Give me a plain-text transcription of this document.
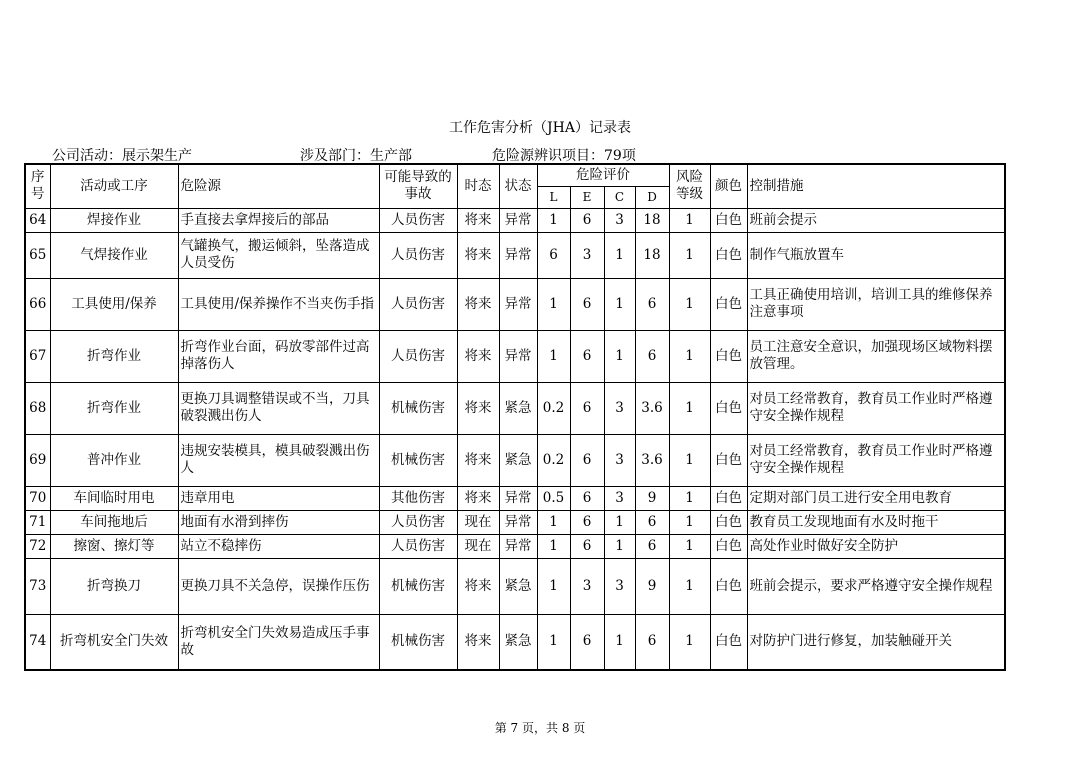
工作危害分析（JHA）记录表
公司活动：展示架生产	涉及部门：生产部	危险源辨识项目：79项
序号	活动或工序	危险源	可能导致的事故	时态	状态	危险评价				风险等级	颜色	控制措施
						L	E	C	D			
64	焊接作业	手直接去拿焊接后的部品	人员伤害	将来	异常	1	6	3	18	1	白色	班前会提示
65	气焊接作业	气罐换气，搬运倾斜，坠落造成人员受伤	人员伤害	将来	异常	6	3	1	18	1	白色	制作气瓶放置车
66	工具使用/保养	工具使用/保养操作不当夹伤手指	人员伤害	将来	异常	1	6	1	6	1	白色	工具正确使用培训，培训工具的维修保养注意事项
67	折弯作业	折弯作业台面，码放零部件过高掉落伤人	人员伤害	将来	异常	1	6	1	6	1	白色	员工注意安全意识，加强现场区域物料摆放管理。
68	折弯作业	更换刀具调整错误或不当，刀具破裂溅出伤人	机械伤害	将来	紧急	0.2	6	3	3.6	1	白色	对员工经常教育，教育员工作业时严格遵守安全操作规程
69	普冲作业	违规安装模具，模具破裂溅出伤人	机械伤害	将来	紧急	0.2	6	3	3.6	1	白色	对员工经常教育，教育员工作业时严格遵守安全操作规程
70	车间临时用电	违章用电	其他伤害	将来	异常	0.5	6	3	9	1	白色	定期对部门员工进行安全用电教育
71	车间拖地后	地面有水滑到摔伤	人员伤害	现在	异常	1	6	1	6	1	白色	教育员工发现地面有水及时拖干
72	擦窗、擦灯等	站立不稳摔伤	人员伤害	现在	异常	1	6	1	6	1	白色	高处作业时做好安全防护
73	折弯换刀	更换刀具不关急停，误操作压伤	机械伤害	将来	紧急	1	3	3	9	1	白色	班前会提示，要求严格遵守安全操作规程
74	折弯机安全门失效	折弯机安全门失效易造成压手事故	机械伤害	将来	紧急	1	6	1	6	1	白色	对防护门进行修复，加装触碰开关
第 7 页，共 8 页
